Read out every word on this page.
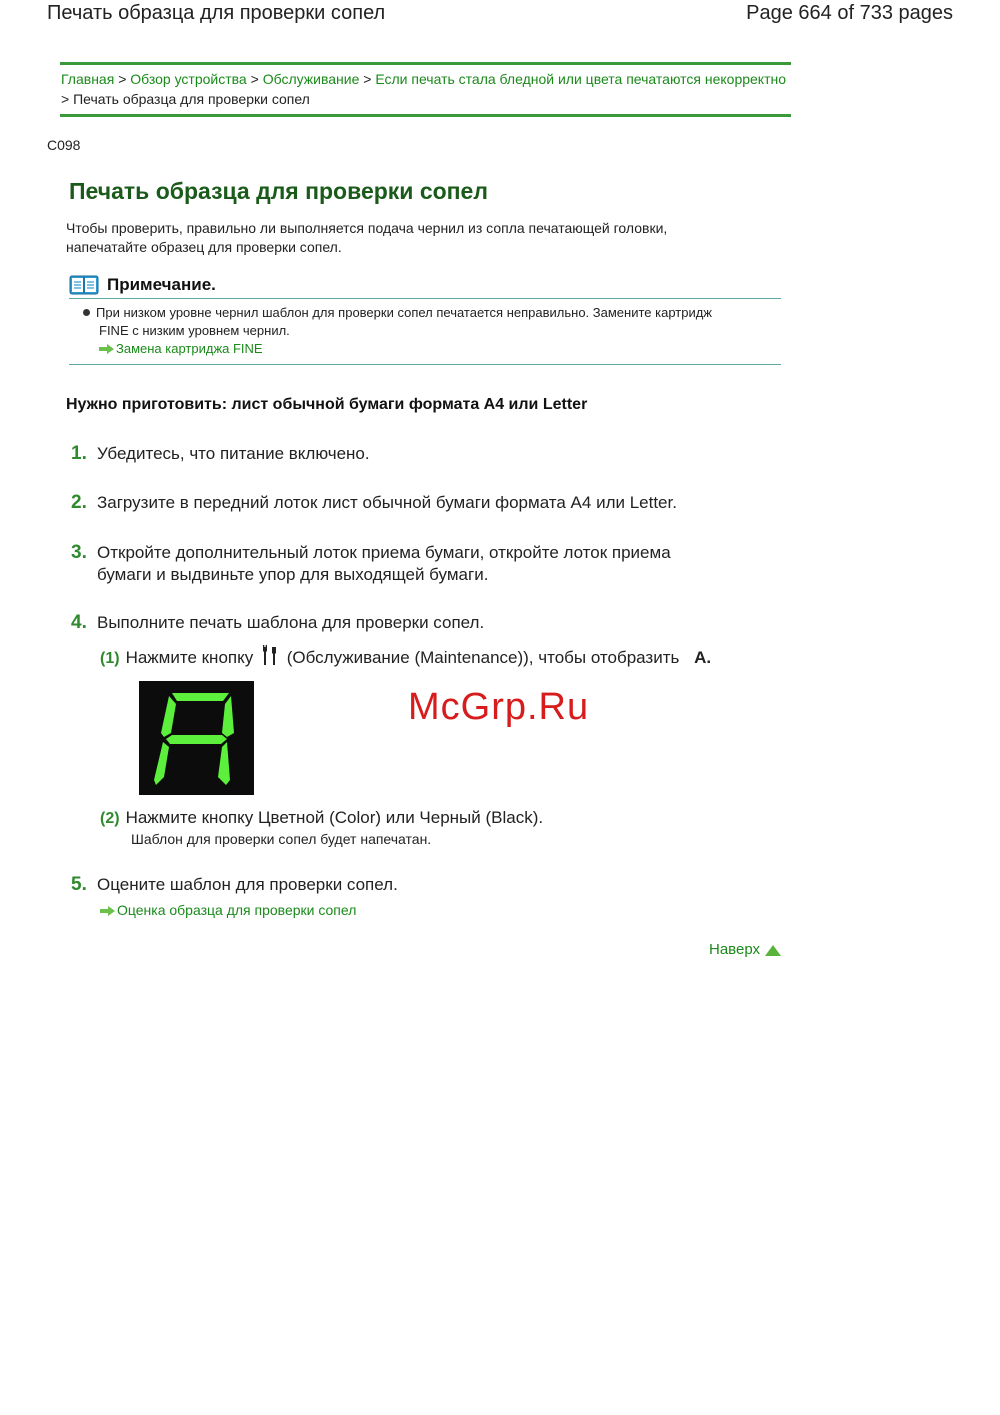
Печать образца для проверки сопел	Page 664 of 733 pages
Главная > Обзор устройства > Обслуживание > Если печать стала бледной или цвета печатаются некорректно > Печать образца для проверки сопел
C098
Печать образца для проверки сопел
Чтобы проверить, правильно ли выполняется подача чернил из сопла печатающей головки,
напечатайте образец для проверки сопел.
Примечание.
При низком уровне чернил шаблон для проверки сопел печатается неправильно. Замените картридж
FINE с низким уровнем чернил.
Замена картриджа FINE
Нужно приготовить: лист обычной бумаги формата A4 или Letter
1. Убедитесь, что питание включено.
2. Загрузите в передний лоток лист обычной бумаги формата A4 или Letter.
3. Откройте дополнительный лоток приема бумаги, откройте лоток приема
бумаги и выдвиньте упор для выходящей бумаги.
4. Выполните печать шаблона для проверки сопел.
(1) Нажмите кнопку (Обслуживание (Maintenance)), чтобы отобразить A.
McGrp.Ru
(2) Нажмите кнопку Цветной (Color) или Черный (Black).
Шаблон для проверки сопел будет напечатан.
5. Оцените шаблон для проверки сопел.
Оценка образца для проверки сопел
Наверх
